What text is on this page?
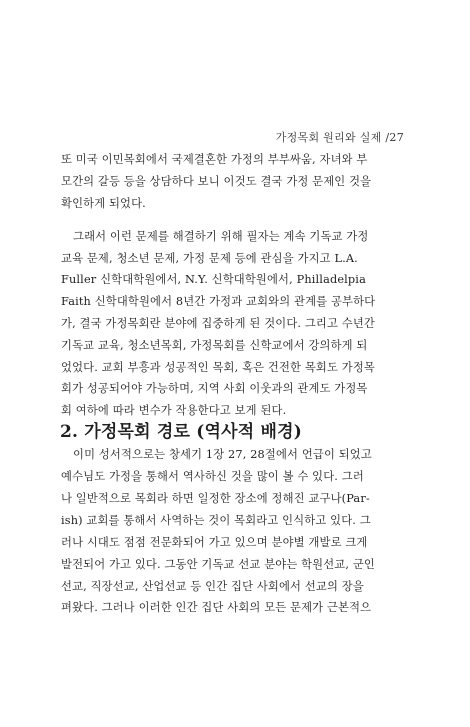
가정목회 원리와 실제 /27
또 미국 이민목회에서 국제결혼한 가정의 부부싸움, 자녀와 부
모간의 갈등 등을 상담하다 보니 이것도 결국 가정 문제인 것을
확인하게 되었다.
그래서 이런 문제를 해결하기 위해 필자는 계속 기독교 가정
교육 문제, 청소년 문제, 가정 문제 등에 관심을 가지고 L.A.
Fuller 신학대학원에서, N.Y. 신학대학원에서, Philladelpia
Faith 신학대학원에서 8년간 가정과 교회와의 관계를 공부하다
가, 결국 가정목회란 분야에 집중하게 된 것이다. 그리고 수년간
기독교 교육, 청소년목회, 가정목회를 신학교에서 강의하게 되
었었다. 교회 부흥과 성공적인 목회, 혹은 건전한 목회도 가정목
회가 성공되어야 가능하며, 지역 사회 이웃과의 관계도 가정목
회 여하에 따라 변수가 작용한다고 보게 된다.
2. 가정목회 경로 (역사적 배경)
이미 성서적으로는 창세기 1장 27, 28절에서 언급이 되었고
예수님도 가정을 통해서 역사하신 것을 많이 볼 수 있다. 그러
나 일반적으로 목회라 하면 일정한 장소에 정해진 교구나(Par-
ish) 교회를 통해서 사역하는 것이 목회라고 인식하고 있다. 그
러나 시대도 점점 전문화되어 가고 있으며 분야별 개발로 크게
발전되어 가고 있다. 그동안 기독교 선교 분야는 학원선교, 군인
선교, 직장선교, 산업선교 등 인간 집단 사회에서 선교의 장을
펴왔다. 그러나 이러한 인간 집단 사회의 모든 문제가 근본적으
